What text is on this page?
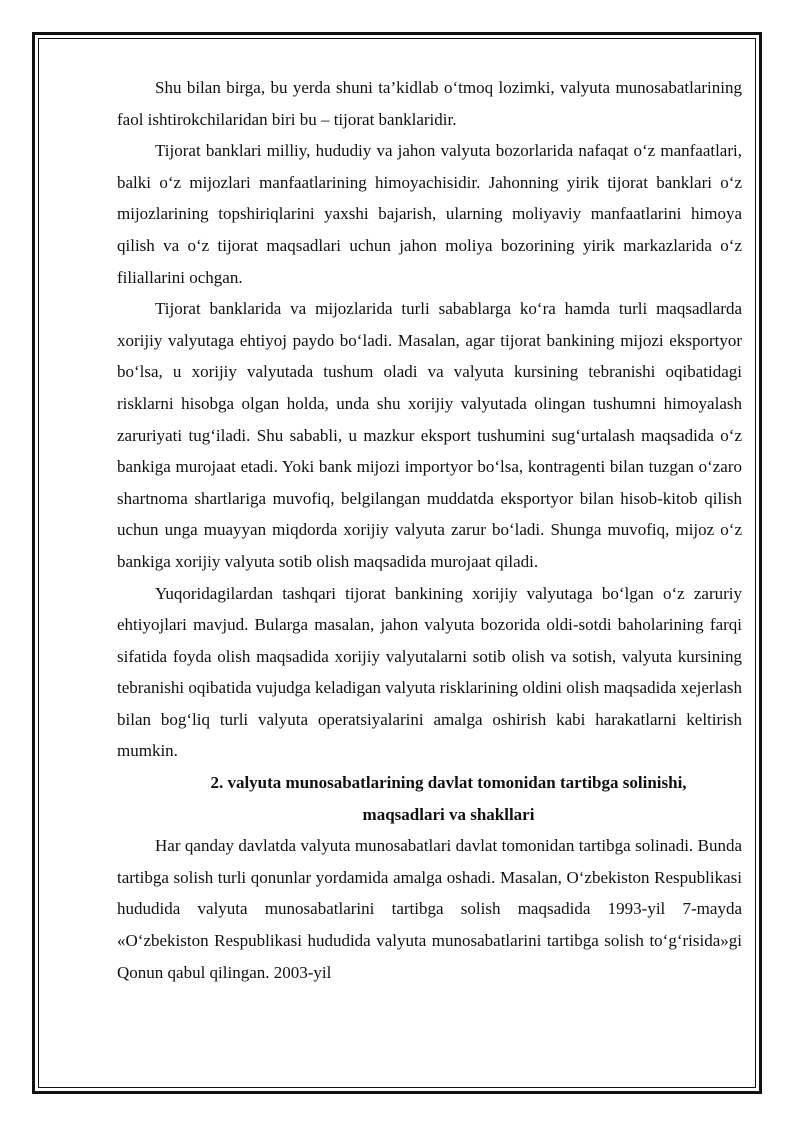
Shu bilan birga, bu yerda shuni ta’kidlab o‘tmoq lozimki, valyuta munosabatlarining faol ishtirokchilaridan biri bu – tijorat banklaridir.

Tijorat banklari milliy, hududiy va jahon valyuta bozorlarida nafaqat o‘z manfaatlari, balki o‘z mijozlari manfaatlarining himoyachisidir. Jahonning yirik tijorat banklari o‘z mijozlarining topshiriqlarini yaxshi bajarish, ularning moliyaviy manfaatlarini himoya qilish va o‘z tijorat maqsadlari uchun jahon moliya bozorining yirik markazlarida o‘z filiallarini ochgan.

Tijorat banklarida va mijozlarida turli sabablarga ko‘ra hamda turli maqsadlarda xorijiy valyutaga ehtiyoj paydo bo‘ladi. Masalan, agar tijorat bankining mijozi eksportyor bo‘lsa, u xorijiy valyutada tushum oladi va valyuta kursining tebranishi oqibatidagi risklarni hisobga olgan holda, unda shu xorijiy valyutada olingan tushumni himoyalash zaruriyati tug‘iladi. Shu sababli, u mazkur eksport tushumini sug‘urtalash maqsadida o‘z bankiga murojaat etadi. Yoki bank mijozi importyor bo‘lsa, kontragenti bilan tuzgan o‘zaro shartnoma shartlariga muvofiq, belgilangan muddatda eksportyor bilan hisob-kitob qilish uchun unga muayyan miqdorda xorijiy valyuta zarur bo‘ladi. Shunga muvofiq, mijoz o‘z bankiga xorijiy valyuta sotib olish maqsadida murojaat qiladi.

Yuqoridagilardan tashqari tijorat bankining xorijiy valyutaga bo‘lgan o‘z zaruriy ehtiyojlari mavjud. Bularga masalan, jahon valyuta bozorida oldi-sotdi baholarining farqi sifatida foyda olish maqsadida xorijiy valyutalarni sotib olish va sotish, valyuta kursining tebranishi oqibatida vujudga keladigan valyuta risklarining oldini olish maqsadida xejerlash bilan bog‘liq turli valyuta operatsiyalarini amalga oshirish kabi harakatlarni keltirish mumkin.

2. valyuta munosabatlarining davlat tomonidan tartibga solinishi,

maqsadlari va shakllari

Har qanday davlatda valyuta munosabatlari davlat tomonidan tartibga solinadi. Bunda tartibga solish turli qonunlar yordamida amalga oshadi. Masalan, O‘zbekiston Respublikasi hududida valyuta munosabatlarini tartibga solish maqsadida 1993-yil 7-mayda «O‘zbekiston Respublikasi hududida valyuta munosabatlarini tartibga solish to‘g‘risida»gi Qonun qabul qilingan. 2003-yil
